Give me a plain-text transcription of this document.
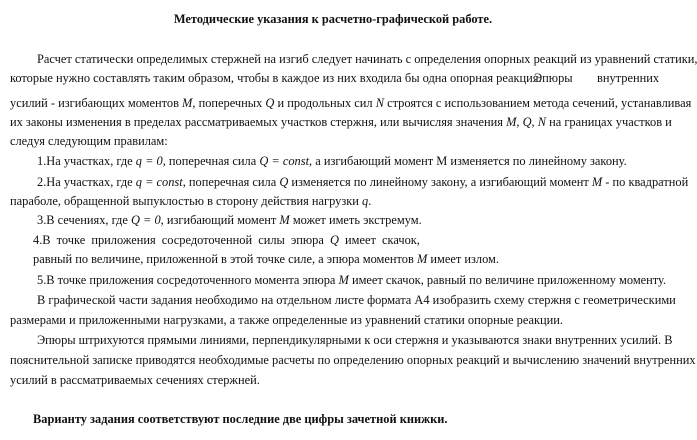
Методические указания к расчетно-графической работе.
Расчет статически определимых стержней на изгиб следует начинать с определения опорных реакций из уравнений статики,
которые нужно составлять таким образом, чтобы в каждое из них входила бы одна опорная реакция.
Эпюры внутренних
усилий - изгибающих моментов M, поперечных Q и продольных сил N строятся с использованием метода сечений, устанавливая
их законы изменения в пределах рассматриваемых участков стержня, или вычисляя значения M, Q, N на границах участков и
следуя следующим правилам:
1.На участках, где q = 0, поперечная сила Q = const, а изгибающий момент М изменяется по линейному закону.
2.На участках, где q = const, поперечная сила Q изменяется по линейному закону, а изгибающий момент M - по квадратной
параболе, обращенной выпуклостью в сторону действия нагрузки q.
3.В сечениях, где Q = 0, изгибающий момент M может иметь экстремум.
4.В точке приложения сосредоточенной силы эпюра Q имеет скачок,
равный по величине, приложенной в этой точке силе, а эпюра моментов M имеет излом.
5.В точке приложения сосредоточенного момента эпюра M имеет скачок, равный по величине приложенному моменту.
В графической части задания необходимо на отдельном листе формата А4 изобразить схему стержня с геометрическими
размерами и приложенными нагрузками, а также определенные из уравнений статики опорные реакции.
Эпюры штрихуются прямыми линиями, перпендикулярными к оси стержня и указываются знаки внутренних усилий. В
пояснительной записке приводятся необходимые расчеты по определению опорных реакций и вычислению значений внутренних
усилий в рассматриваемых сечениях стержней.
Варианту задания соответствуют последние две цифры зачетной книжки.
